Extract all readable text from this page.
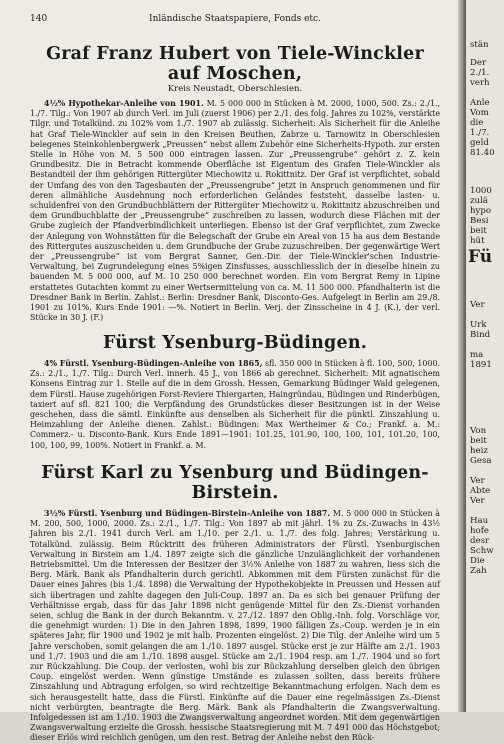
140	Inländische Staatspapiere, Fonds etc.
Graf Franz Hubert von Tiele-Winckler auf Moschen,
Kreis Neustadt, Oberschlesien.

4½% Hypothekar-Anleihe von 1901. M. 5 000 000 in Stücken à M. 2000, 1000, 500. Zs.: 2./1., 1./7. Tilg.: Von 1907 ab durch Verl. im Juli (zuerst 1906) per 2./1. des folg. Jahres zu 102%, verstärkte Tilgr. und Totalkünd. zu 102% vom 1./7. 1907 ab zulässig. Sicherheit: Als Sicherheit für die Anleihe hat Graf Tiele-Winckler auf sein in den Kreisen Beuthen, Zabrze u. Tarnowitz in Oberschlesien belegenes Steinkohlenbergwerk „Preussen“ nebst allem Zubehör eine Sicherheits-Hypoth. zur ersten Stelle in Höhe von M. 5 500 000 eintragen lassen. Zur „Preussengrube“ gehört z. Z. kein Grundbesitz. Die in Betracht kommende Oberfläche ist Eigentum des Grafen Tiele-Winckler als Bestandteil der ihm gehörigen Rittergüter Miechowitz u. Rokittnitz. Der Graf ist verpflichtet, sobald der Umfang des von den Tagesbauten der „Preussengrube“ jetzt in Anspruch genommenen und für deren allmähliche Ausdehnung noch erforderlichen Geländes feststeht, dasselbe lasten- u. schuldenfrei von den Grundbuchblättern der Rittergüter Miechowitz u. Rokittnitz abzuschreiben und dem Grundbuchblatte der „Preussengrube“ zuschreiben zu lassen, wodurch diese Flächen mit der Grube zugleich der Pfandverbindlichkeit unterliegen. Ebenso ist der Graf verpflichtet, zum Zwecke der Anlegung von Wohnstätten für die Belegschaft der Grube ein Areal von 15 ha aus dem Bestande des Rittergutes auszuscheiden u. dem Grundbuche der Grube zuzuschreiben. Der gegenwärtige Wert der „Preussengrube“ ist vom Bergrat Sanner, Gen.-Dir. der Tiele-Winckler'schen Industrie-Verwaltung, bei Zugrundelegung eines 5%igen Zinsfusses, ausschliesslich der in dieselbe hinein zu bauenden M. 5 000 000, auf M. 10 250 000 berechnet worden. Ein vom Bergrat Remy in Lipine erstattetes Gutachten kommt zu einer Wertsermittelung von ca. M. 11 500 000. Pfandhalterin ist die Dresdner Bank in Berlin. Zahlst.: Berlin: Dresdner Bank, Disconto-Ges. Aufgelegt in Berlin am 29./8. 1901 zu 101%. Kurs Ende 1901: —%. Notiert in Berlin. Verj. der Zinsscheine in 4 J. (K.), der verl. Stücke in 30 J. (F.)

Fürst Ysenburg-Büdingen.

4% Fürstl. Ysenburg-Büdingen-Anleihe von 1865, sfl. 350 000 in Stücken à fl. 100, 500, 1000. Zs.: 2./1., 1./7. Tilg.: Durch Verl. innerh. 45 J., von 1866 ab gerechnet. Sicherheit: Mit agnatischem Konsens Eintrag zur 1. Stelle auf die in dem Grossh. Hessen, Gemarkung Büdinger Wald gelegenen, dem Fürstl. Hause zugehörigen Forst-Reviere Thiergarten, Haingründau, Büdingen und Rinderbügen, taxiert auf sfl. 821 100; die Verpfändung des Grundstückes dieser Besitzungen ist in der Weise geschehen, dass die sämtl. Einkünfte aus denselben als Sicherheit für die pünktl. Zinszahlung u. Heimzahlung der Anleihe dienen. Zahlst.: Büdingen: Max Wertheimer & Co.; Frankf. a. M.: Commerz.- u. Disconto-Bank. Kurs Ende 1891—1901: 101.25, 101.90, 100, 100, 101, 101.20, 100, 100, 100, 99, 100%. Notiert in Frankf. a. M.

Fürst Karl zu Ysenburg und Büdingen-Birstein.

3½% Fürstl. Ysenburg und Büdingen-Birstein-Anleihe von 1887. M. 5 000 000 in Stücken à M. 200, 500, 1000, 2000. Zs.: 2./1., 1./7. Tilg.: Von 1897 ab mit jährl. 1% zu Zs.-Zuwachs in 43½ Jahren bis 2./1. 1941 durch Verl. am 1./10. per 2./1. u. 1./7. des folg. Jahres; Verstärkung u. Totalkünd. zulässig. Beim Rücktritt des früheren Administrators der Fürstl. Ysenburgischen Verwaltung in Birstein am 1./4. 1897 zeigte sich die gänzliche Unzulänglichkeit der vorhandenen Betriebsmittel. Um die Interessen der Besitzer der 3½% Anleihe von 1887 zu wahren, liess sich die Berg. Märk. Bank als Pfandhalterin durch gerichtl. Abkommen mit dem Fürsten zunächst für die Dauer eines Jahres (bis 1./4. 1898) die Verwaltung der Hypothekobjekte in Preussen und Hessen auf sich übertragen und zahlte dagegen den Juli-Coup. 1897 an. Da es sich bei genauer Prüfung der Verhältnisse ergab, dass für das Jahr 1898 nicht genügende Mittel für den Zs.-Dienst vorhanden seien, schlug die Bank in der durch Bekanntm. v. 27./12. 1897 den Oblig.-Inh. folg. Vorschläge vor, die genehmigt wurden: 1) Die in den Jahren 1898, 1899, 1900 fälligen Zs.-Coup. werden je in ein späteres Jahr, für 1900 und 1902 je mit halb. Prozenten eingelöst. 2) Die Tilg. der Anleihe wird um 5 Jahre verschoben, somit gelangen die am 1./10. 1897 ausgel. Stücke erst je zur Hälfte am 2./1. 1903 und 1./7. 1903 und die am 1./10. 1898 ausgel. Stücke am 2./1. 1904 resp. am 1./7. 1904 und so fort zur Rückzahlung. Die Coup. der verlosten, wohl bis zur Rückzahlung derselben gleich den übrigen Coup. eingelöst werden. Wenn günstige Umstände es zulassen sollten, dass bereits frühere Zinszahlung und Abtragung erfolgen, so wird rechtzeitige Bekanntmachung erfolgen. Nach dem es sich herausgestellt hatte, dass die Fürstl. Einkünfte auf die Dauer eine regelmässigen Zs.-Dienst nicht verbürgten, beantragte die Berg. Märk. Bank als Pfandhalterin die Zwangsverwaltung. Infolgedessen ist am 1./10. 1903 die Zwangsverwaltung angeordnet worden. Mit dem gegenwärtigen Zwangsverwaltung erzielte die Grossh. hessische Staatsregierung mit M. 7 491 000 das Höchstgebot; dieser Erlös wird reichlich genügen, um den rest. Betrag der Anleihe nebst den Rück-

stän
Der
2./1.
verh
Anle
Vom
die
1./7.
geld
81.40
1000
zulä
hypo
Besi
beit
hüt
Fü
Ver
Urk
Bind
ma
1891
Von
beit
heiz
Gesa
Ver
Abte
Ver
Hau
hofe
desr
Schw
Die
Zah
